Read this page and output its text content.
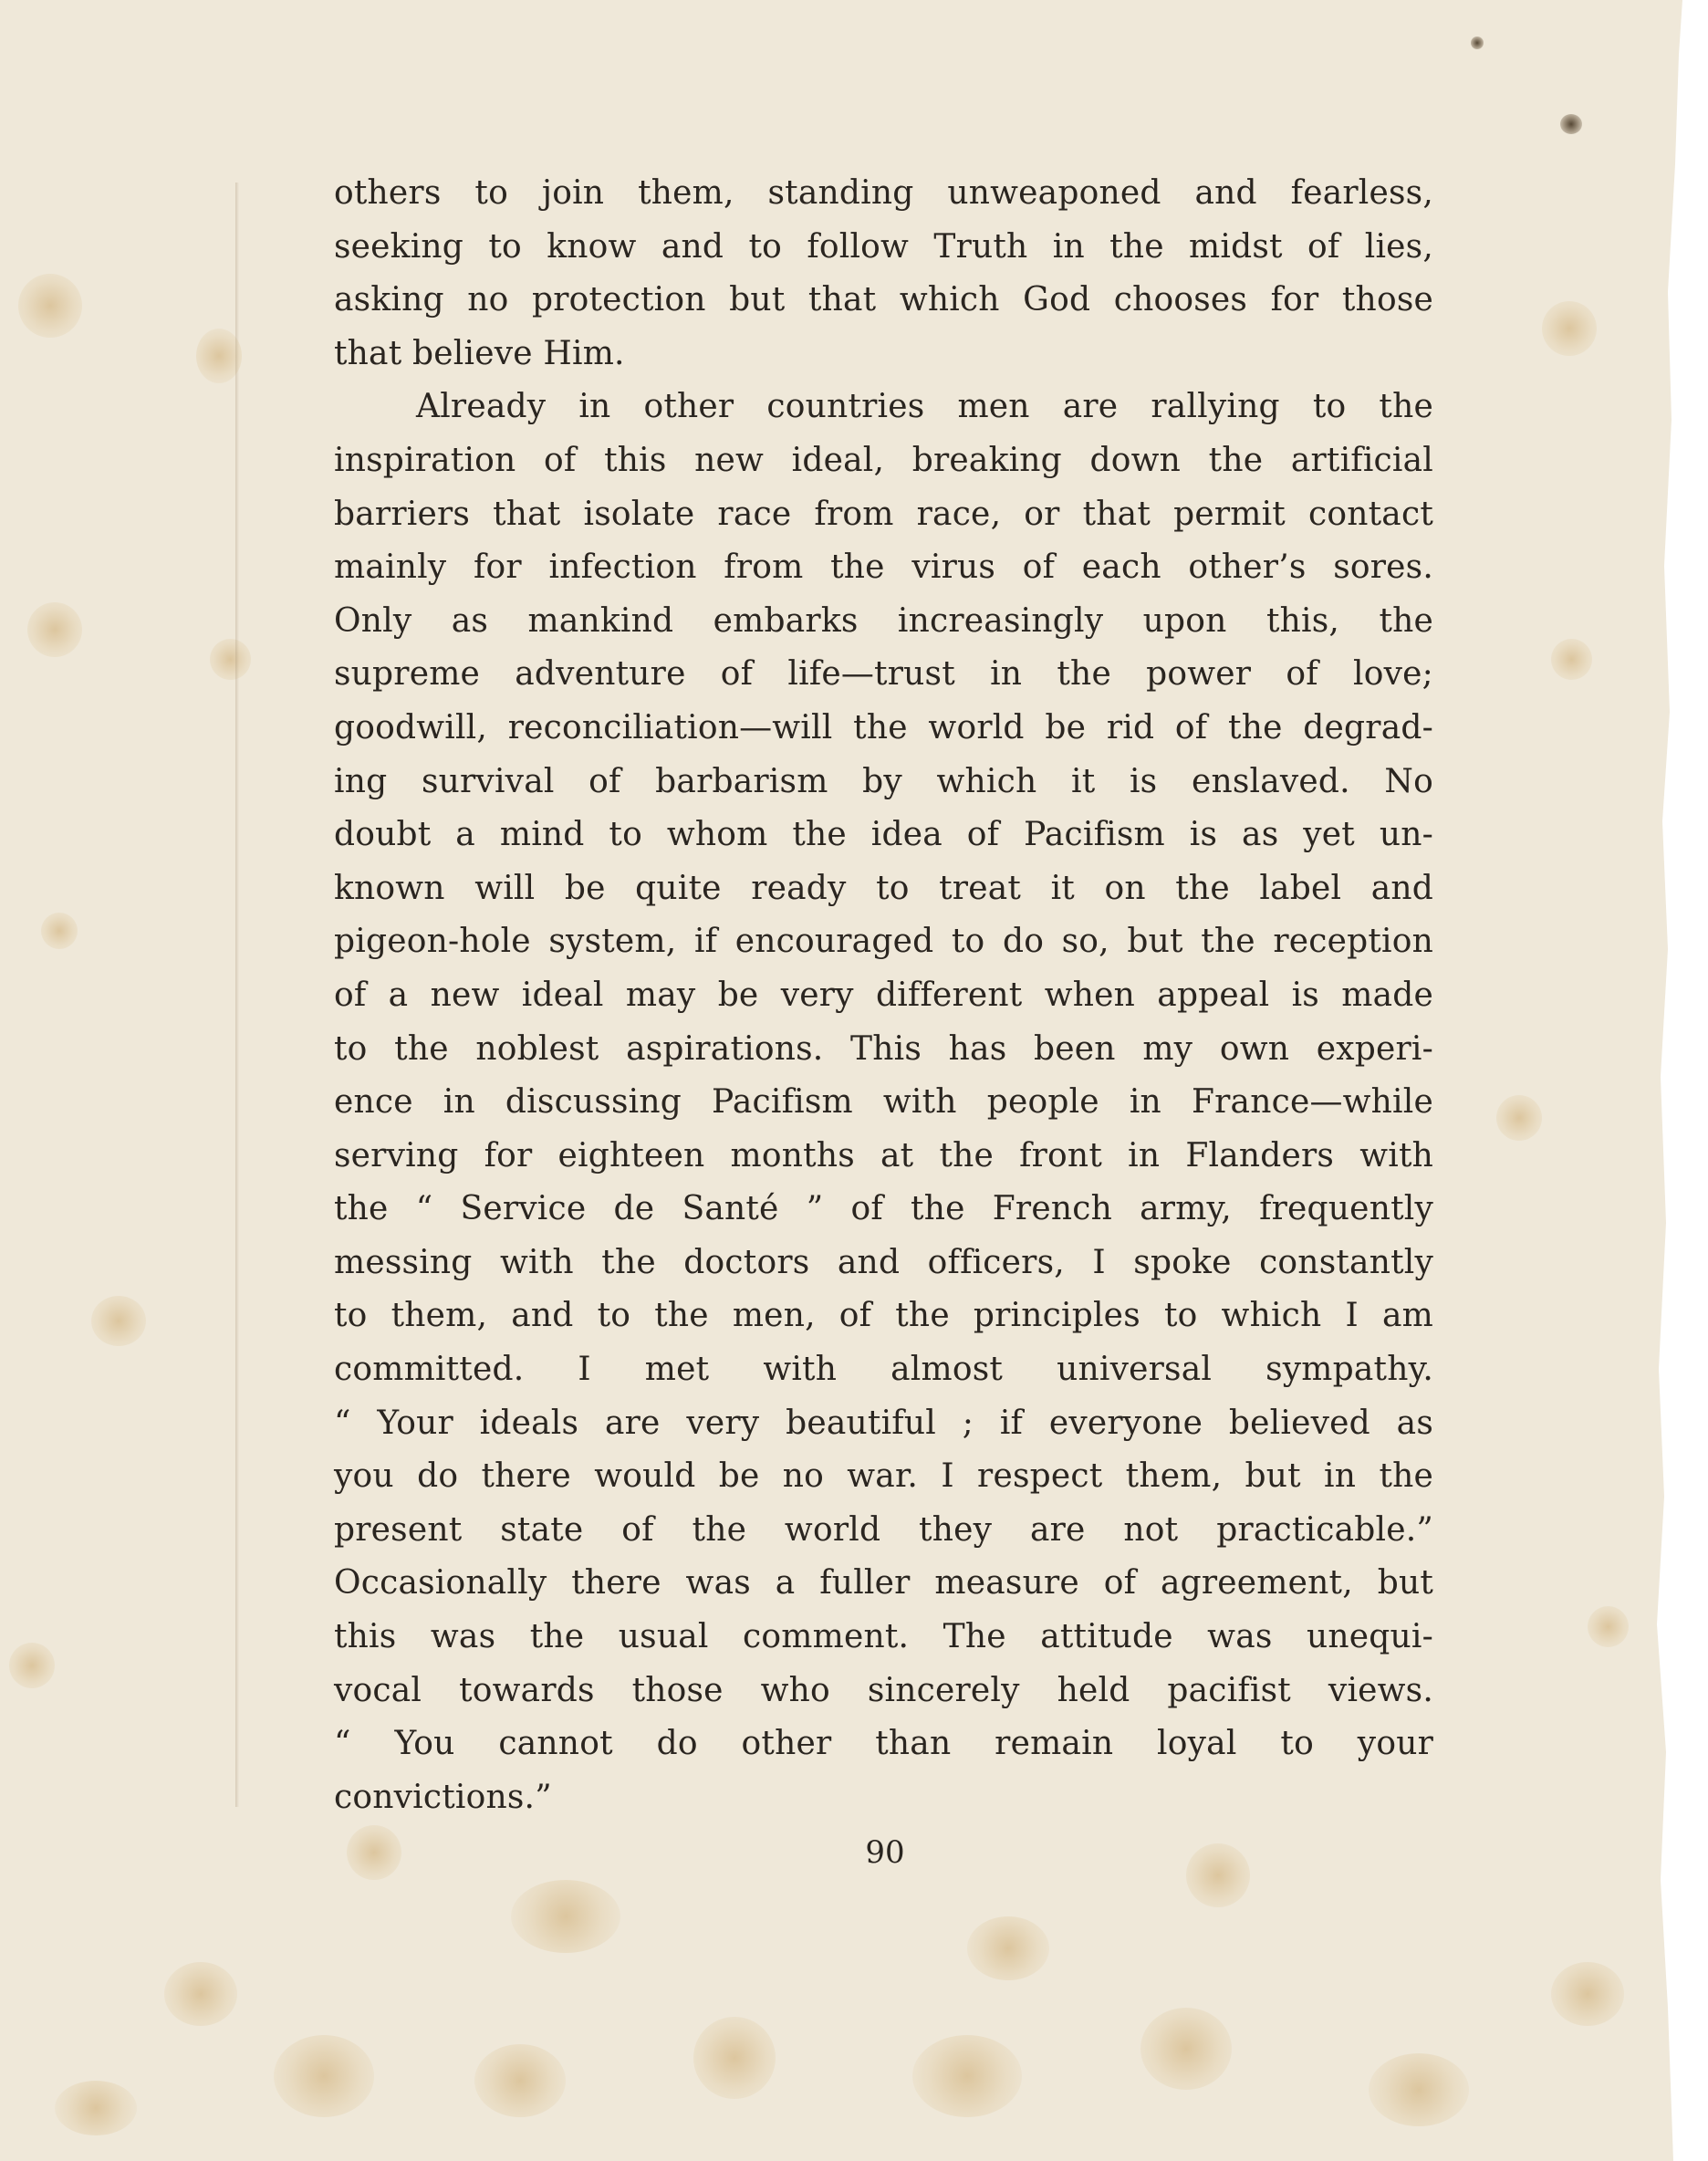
others to join them, standing unweaponed and fearless,
seeking to know and to follow Truth in the midst of lies,
asking no protection but that which God chooses for those
that believe Him.
Already in other countries men are rallying to the
inspiration of this new ideal, breaking down the artificial
barriers that isolate race from race, or that permit contact
mainly for infection from the virus of each other’s sores.
Only as mankind embarks increasingly upon this, the
supreme adventure of life—trust in the power of love;
goodwill, reconciliation—will the world be rid of the degrad-
ing survival of barbarism by which it is enslaved. No
doubt a mind to whom the idea of Pacifism is as yet un-
known will be quite ready to treat it on the label and
pigeon-hole system, if encouraged to do so, but the reception
of a new ideal may be very different when appeal is made
to the noblest aspirations. This has been my own experi-
ence in discussing Pacifism with people in France—while
serving for eighteen months at the front in Flanders with
the “ Service de Santé ” of the French army, frequently
messing with the doctors and officers, I spoke constantly
to them, and to the men, of the principles to which I am
committed. I met with almost universal sympathy.
“ Your ideals are very beautiful ; if everyone believed as
you do there would be no war. I respect them, but in the
present state of the world they are not practicable.”
Occasionally there was a fuller measure of agreement, but
this was the usual comment. The attitude was unequi-
vocal towards those who sincerely held pacifist views.
“ You cannot do other than remain loyal to your
convictions.”
90
